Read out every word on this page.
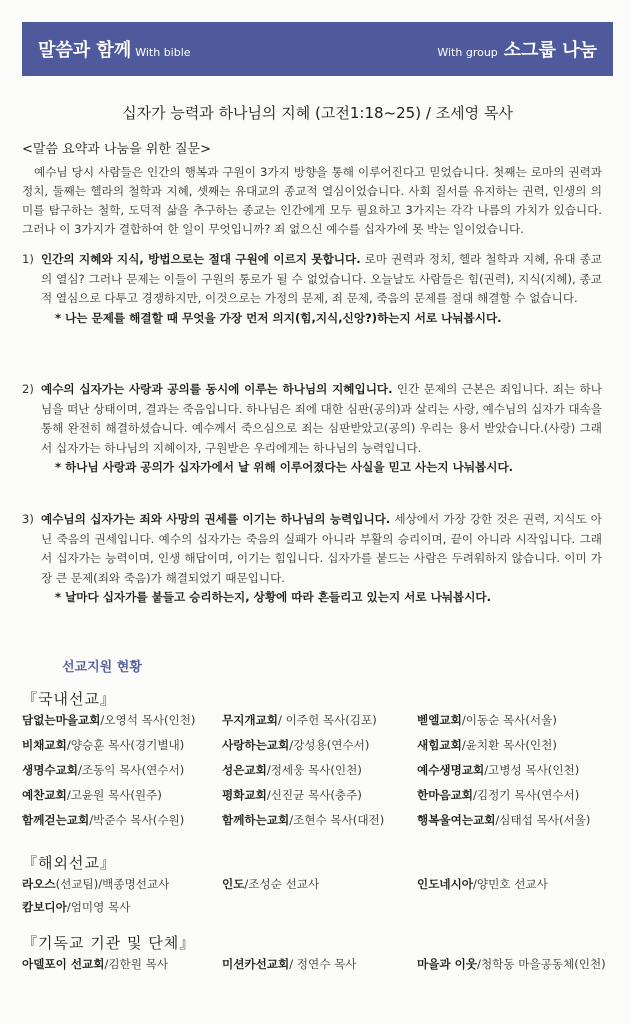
말씀과 함께 With bible	With group 소그룹 나눔
십자가 능력과 하나님의 지혜 (고전1:18~25) / 조세영 목사
<말씀 요약과 나눔을 위한 질문>
예수님 당시 사람들은 인간의 행복과 구원이 3가지 방향을 통해 이루어진다고 믿었습니다. 첫째는 로마의 권력과 정치, 둘째는 헬라의 철학과 지혜, 셋째는 유대교의 종교적 열심이었습니다. 사회 질서를 유지하는 권력, 인생의 의미를 탐구하는 철학, 도덕적 삶을 추구하는 종교는 인간에게 모두 필요하고 3가지는 각각 나름의 가치가 있습니다. 그러나 이 3가지가 결합하여 한 일이 무엇입니까? 죄 없으신 예수를 십자가에 못 박는 일이었습니다.
1) 인간의 지혜와 지식, 방법으로는 절대 구원에 이르지 못합니다. 로마 권력과 정치, 헬라 철학과 지혜, 유대 종교의 열심? 그러나 문제는 이들이 구원의 통로가 될 수 없었습니다. 오늘날도 사람들은 힘(권력), 지식(지혜), 종교적 열심으로 다투고 경쟁하지만, 이것으로는 가정의 문제, 죄 문제, 죽음의 문제를 절대 해결할 수 없습니다.
* 나는 문제를 해결할 때 무엇을 가장 먼저 의지(힘,지식,신앙?)하는지 서로 나눠봅시다.
2) 예수의 십자가는 사랑과 공의를 동시에 이루는 하나님의 지혜입니다. 인간 문제의 근본은 죄입니다. 죄는 하나님을 떠난 상태이며, 결과는 죽음입니다. 하나님은 죄에 대한 심판(공의)과 살리는 사랑, 예수님의 십자가 대속을 통해 완전히 해결하셨습니다. 예수께서 죽으심으로 죄는 심판받았고(공의) 우리는 용서 받았습니다.(사랑) 그래서 십자가는 하나님의 지혜이자, 구원받은 우리에게는 하나님의 능력입니다.
* 하나님 사랑과 공의가 십자가에서 날 위해 이루어졌다는 사실을 믿고 사는지 나눠봅시다.
3) 예수님의 십자가는 죄와 사망의 권세를 이기는 하나님의 능력입니다. 세상에서 가장 강한 것은 권력, 지식도 아닌 죽음의 권세입니다. 예수의 십자가는 죽음의 실패가 아니라 부활의 승리이며, 끝이 아니라 시작입니다. 그래서 십자가는 능력이며, 인생 해답이며, 이기는 힘입니다. 십자가를 붙드는 사람은 두려워하지 않습니다. 이미 가장 큰 문제(죄와 죽음)가 해결되었기 때문입니다.
* 날마다 십자가를 붙들고 승리하는지, 상황에 따라 흔들리고 있는지 서로 나눠봅시다.
선교지원 현황
『국내선교』
담없는마을교회/오영석 목사(인천) 무지개교회/ 이주헌 목사(김포)	벧엘교회/이동순 목사(서울)
비채교회/양승훈 목사(경기별내)	사랑하는교회/강성용(연수서)	새힘교회/윤치환 목사(인천)
생명수교회/조동익 목사(연수서)	성은교회/정세웅 목사(인천)	예수생명교회/고병성 목사(인천)
예찬교회/고윤원 목사(원주)	평화교회/신진균 목사(충주)	한마음교회/김정기 목사(연수서)
함께걷는교회/박준수 목사(수원)	함께하는교회/조현수 목사(대전)	행복울여는교회/심태섭 목사(서울)
『해외선교』
라오스(선교팀)/백종명선교사	인도/조성순 선교사	인도네시아/양민호 선교사
캄보디아/엄미영 목사
『기독교 기관 및 단체』
아델포이 선교회/김한원 목사	미션카선교회/ 정연수 목사	마을과 이웃/청학동 마을공동체(인천)
